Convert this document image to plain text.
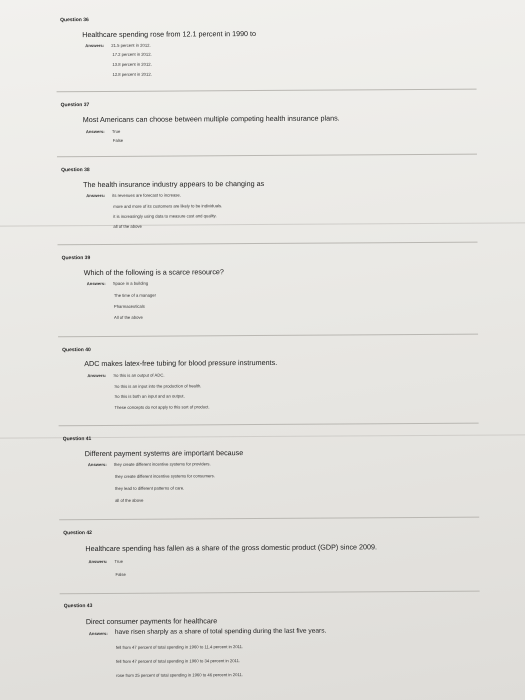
Question 36
Healthcare spending rose from 12.1 percent in 1990 to
Answers: 21.5 percent in 2012.
17.2 percent in 2012.
13.8 percent in 2012.
12.8 percent in 2012.
Question 37
Most Americans can choose between multiple competing health insurance plans.
Answers: True
False
Question 38
The health insurance industry appears to be changing as
Answers: its revenues are forecast to increase.
more and more of its customers are likely to be individuals.
it is increasingly using data to measure cost and quality.
all of the above
Question 39
Which of the following is a scarce resource?
Answers: Space in a building
The time of a manager
Pharmaceuticals
All of the above
Question 40
ADC makes latex-free tubing for blood pressure instruments.
Answers: So this is an output of ADC.
So this is an input into the production of health.
So this is both an input and an output.
These concepts do not apply to this sort of product.
Question 41
Different payment systems are important because
Answers: they create different incentive systems for providers.
they create different incentive systems for consumers.
they lead to different patterns of care.
all of the above
Question 42
Healthcare spending has fallen as a share of the gross domestic product (GDP) since 2009.
Answers: True
False
Question 43
Direct consumer payments for healthcare
Answers: have risen sharply as a share of total spending during the last five years.
fell from 47 percent of total spending in 1960 to 11.4 percent in 2011.
fell from 47 percent of total spending in 1960 to 34 percent in 2011.
rose from 25 percent of total spending in 1960 to 46 percent in 2011.
